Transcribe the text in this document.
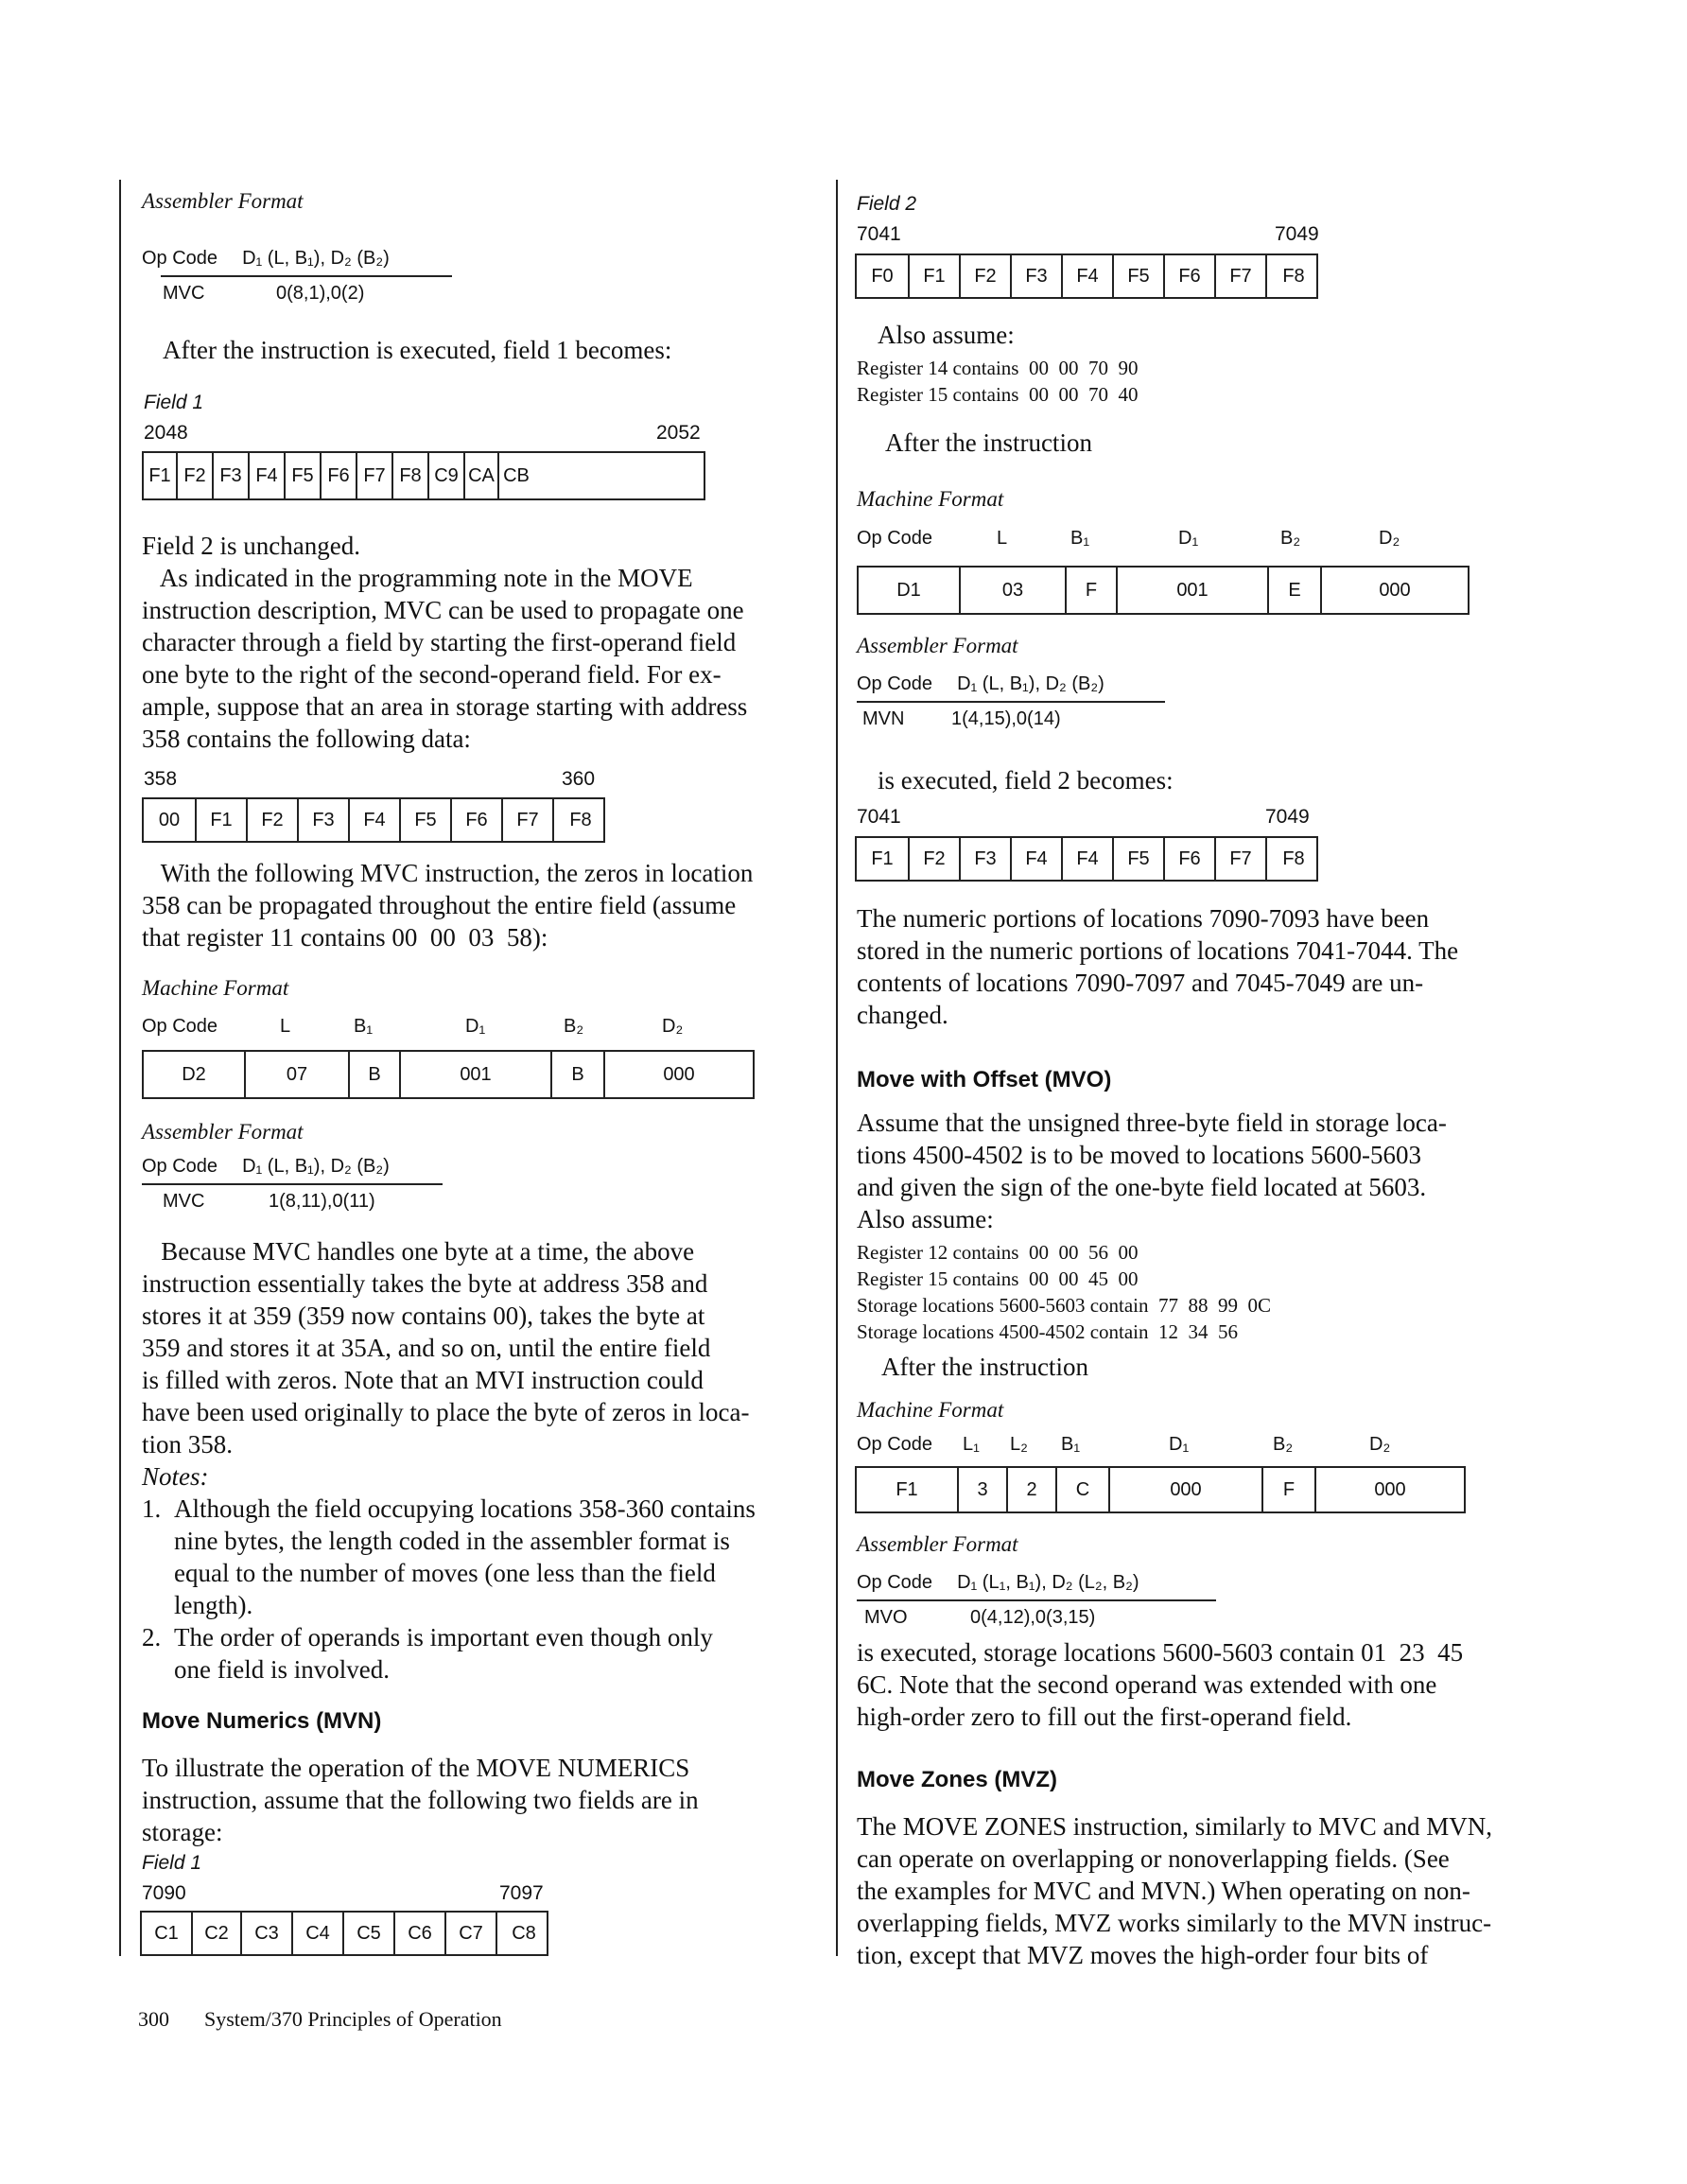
Assembler Format
Op Code D₁ (L, B₁), D₂ (B₂)
MVC	0(8,1),0(2)
After the instruction is executed, field 1 becomes:
Field 1
2048	2052
F1 F2 F3 F4 F5 F6 F7 F8 C9 CA CB
Field 2 is unchanged.
As indicated in the programming note in the MOVE
instruction description, MVC can be used to propagate one
character through a field by starting the first-operand field
one byte to the right of the second-operand field. For ex-
ample, suppose that an area in storage starting with address
358 contains the following data:
358	360
00	F1	F2	F3	F4	F5	F6	F7	F8
With the following MVC instruction, the zeros in location
358 can be propagated throughout the entire field (assume
that register 11 contains 00  00  03  58):
Machine Format
Op Code	L	B₁	D₁	B₂	D₂
D2	07	B	001	B	000
Assembler Format
Op Code D₁ (L, B₁), D₂ (B₂)
MVC	1(8,11),0(11)
Because MVC handles one byte at a time, the above
instruction essentially takes the byte at address 358 and
stores it at 359 (359 now contains 00), takes the byte at
359 and stores it at 35A, and so on, until the entire field
is filled with zeros. Note that an MVI instruction could
have been used originally to place the byte of zeros in loca-
tion 358.
Notes:
1. Although the field occupying locations 358-360 contains
nine bytes, the length coded in the assembler format is
equal to the number of moves (one less than the field
length).
2. The order of operands is important even though only
one field is involved.
Move Numerics (MVN)
To illustrate the operation of the MOVE NUMERICS
instruction, assume that the following two fields are in
storage:
Field 1
7090	7097
C1	C2	C3	C4	C5	C6	C7	C8
Field 2
7041	7049
F0	F1	F2	F3	F4	F5	F6	F7	F8
Also assume:
Register 14 contains  00  00  70  90
Register 15 contains  00  00  70  40
After the instruction
Machine Format
Op Code	L	B₁	D₁	B₂	D₂
D1	03	F	001	E	000
Assembler Format
Op Code D₁ (L, B₁), D₂ (B₂)
MVN	1(4,15),0(14)
is executed, field 2 becomes:
7041	7049
F1	F2	F3	F4	F4	F5	F6	F7	F8
The numeric portions of locations 7090-7093 have been
stored in the numeric portions of locations 7041-7044. The
contents of locations 7090-7097 and 7045-7049 are un-
changed.
Move with Offset (MVO)
Assume that the unsigned three-byte field in storage loca-
tions 4500-4502 is to be moved to locations 5600-5603
and given the sign of the one-byte field located at 5603.
Also assume:
Register 12 contains  00  00  56  00
Register 15 contains  00  00  45  00
Storage locations 5600-5603 contain  77  88  99  0C
Storage locations 4500-4502 contain  12  34  56
After the instruction
Machine Format
Op Code L₁ L₂ B₁	D₁	B₂	D₂
F1	3	2	C	000	F	000
Assembler Format
Op Code D₁ (L₁, B₁), D₂ (L₂, B₂)
MVO	0(4,12),0(3,15)
is executed, storage locations 5600-5603 contain 01  23  45
6C. Note that the second operand was extended with one
high-order zero to fill out the first-operand field.
Move Zones (MVZ)
The MOVE ZONES instruction, similarly to MVC and MVN,
can operate on overlapping or nonoverlapping fields. (See
the examples for MVC and MVN.) When operating on non-
overlapping fields, MVZ works similarly to the MVN instruc-
tion, except that MVZ moves the high-order four bits of
300 System/370 Principles of Operation
